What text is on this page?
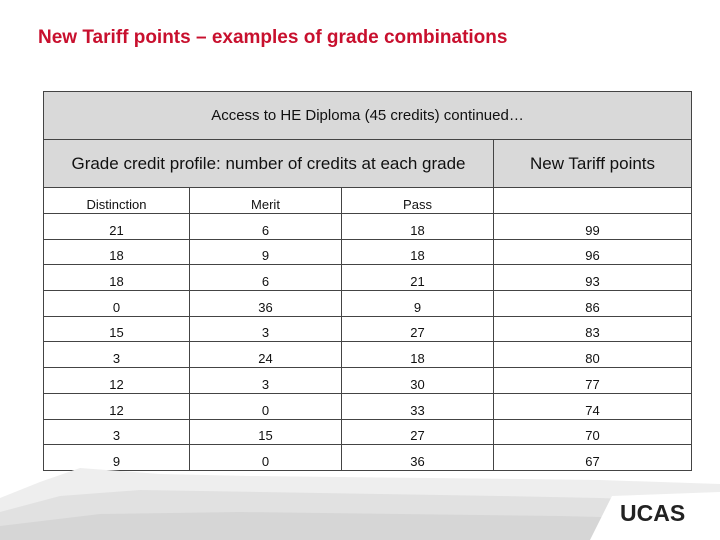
New Tariff points – examples of grade combinations
Access to HE Diploma (45 credits) continued…			
Grade credit profile: number of credits at each grade			New Tariff points
Distinction	Merit	Pass	
21	6	18	99
18	9	18	96
18	6	21	93
0	36	9	86
15	3	27	83
3	24	18	80
12	3	30	77
12	0	33	74
3	15	27	70
9	0	36	67
UCAS
